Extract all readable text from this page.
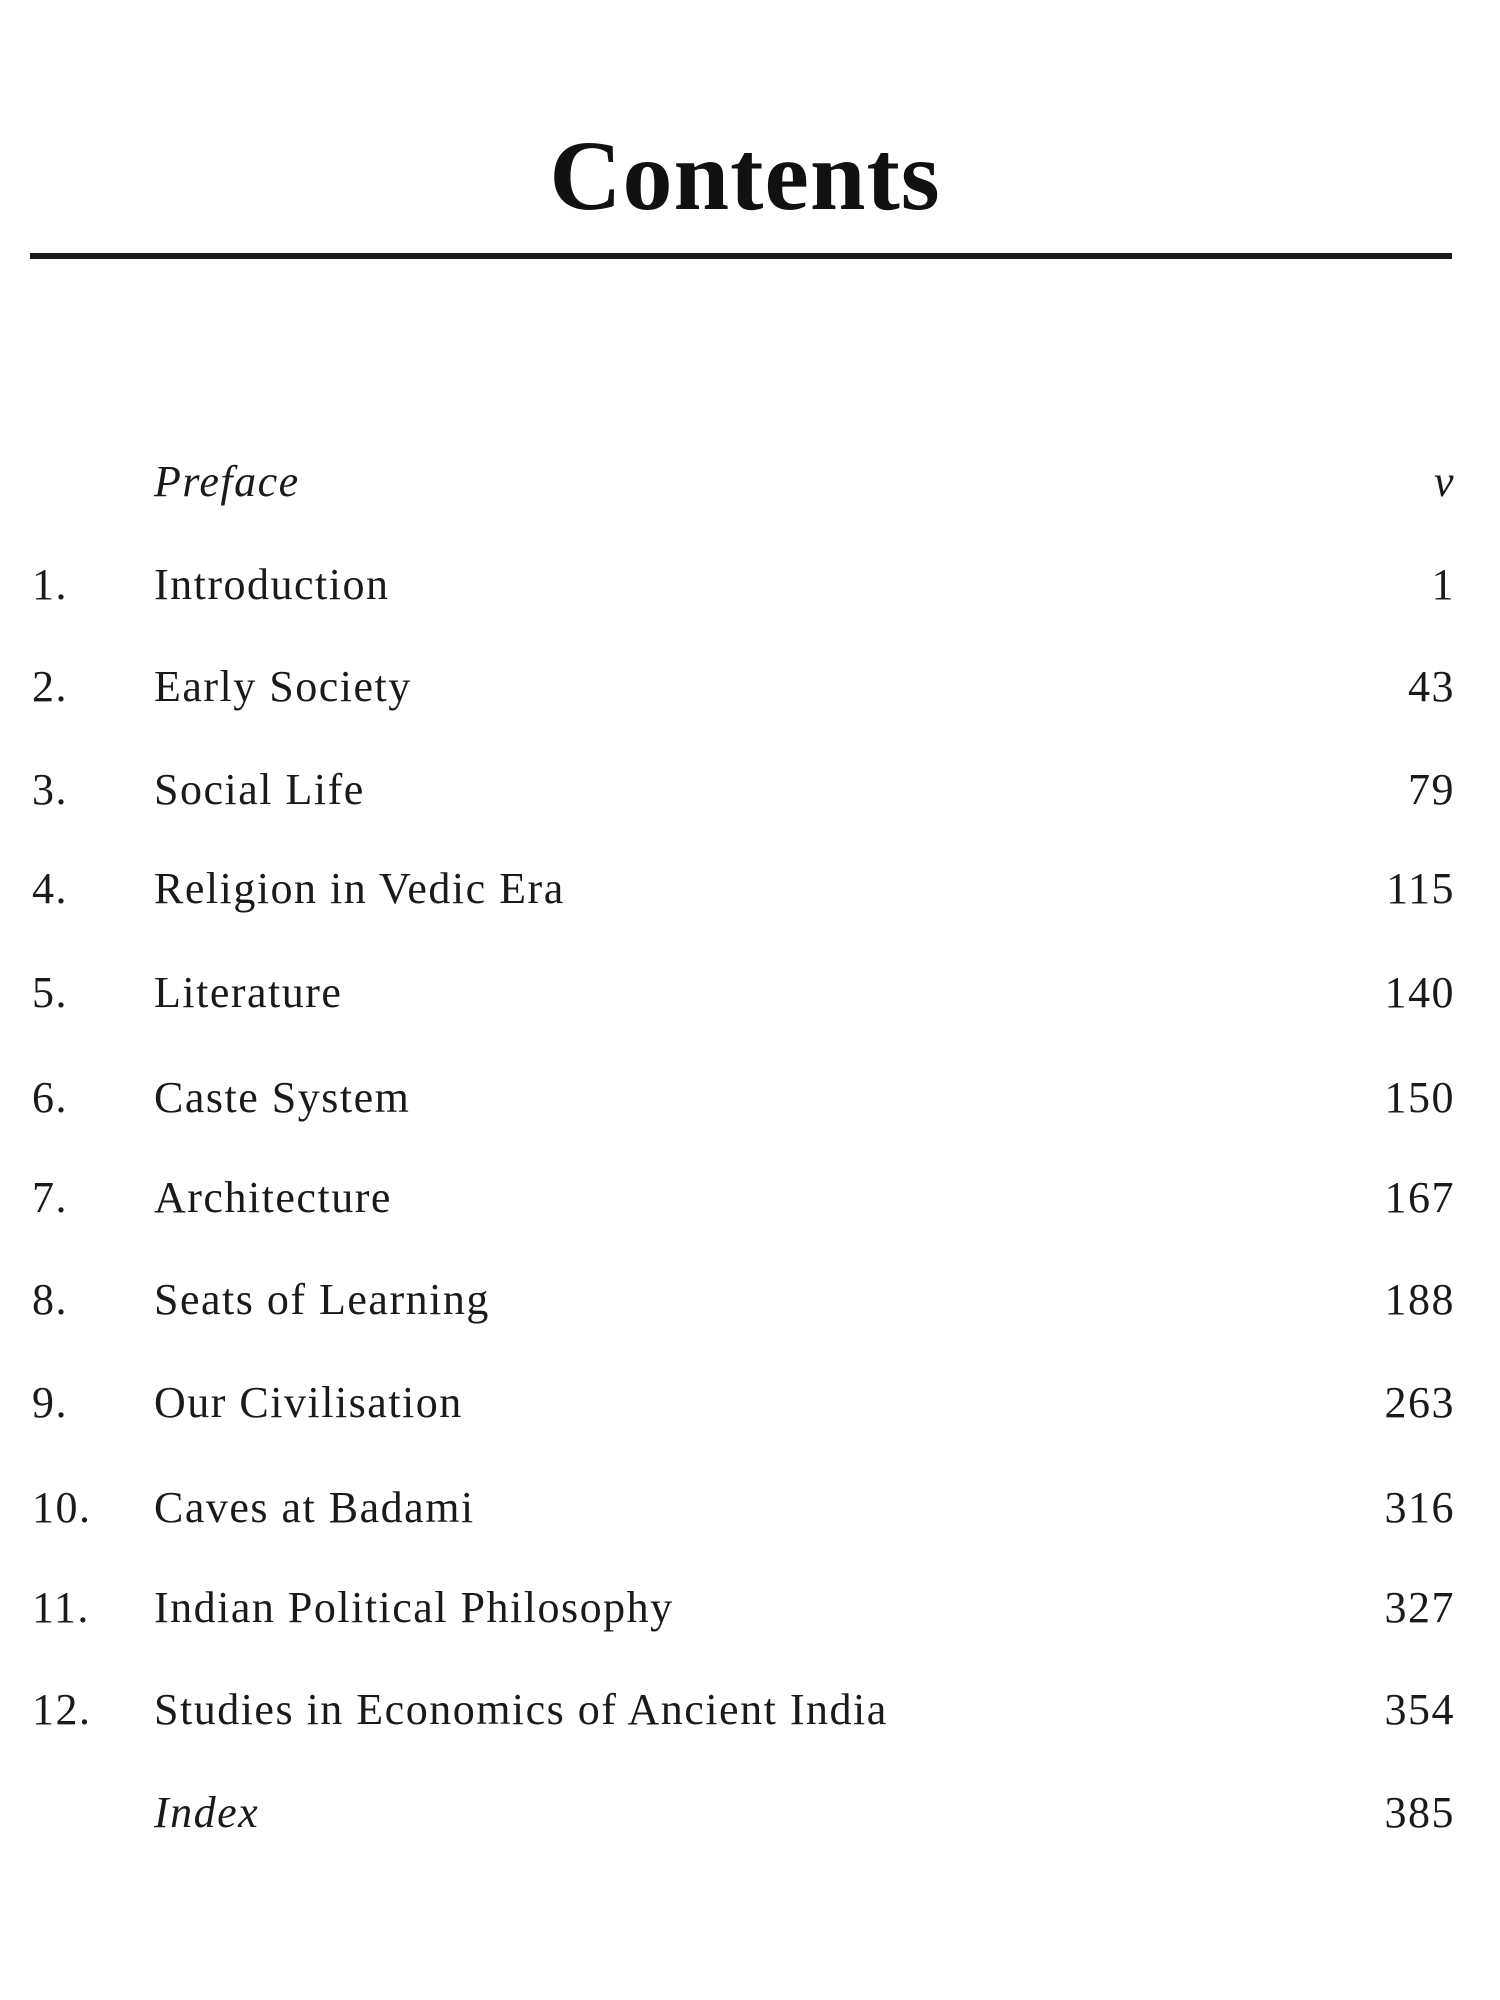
Contents
Preface	v
1. Introduction	1
2. Early Society	43
3. Social Life	79
4. Religion in Vedic Era	115
5. Literature	140
6. Caste System	150
7. Architecture	167
8. Seats of Learning	188
9. Our Civilisation	263
10. Caves at Badami	316
11. Indian Political Philosophy	327
12. Studies in Economics of Ancient India	354
Index	385
